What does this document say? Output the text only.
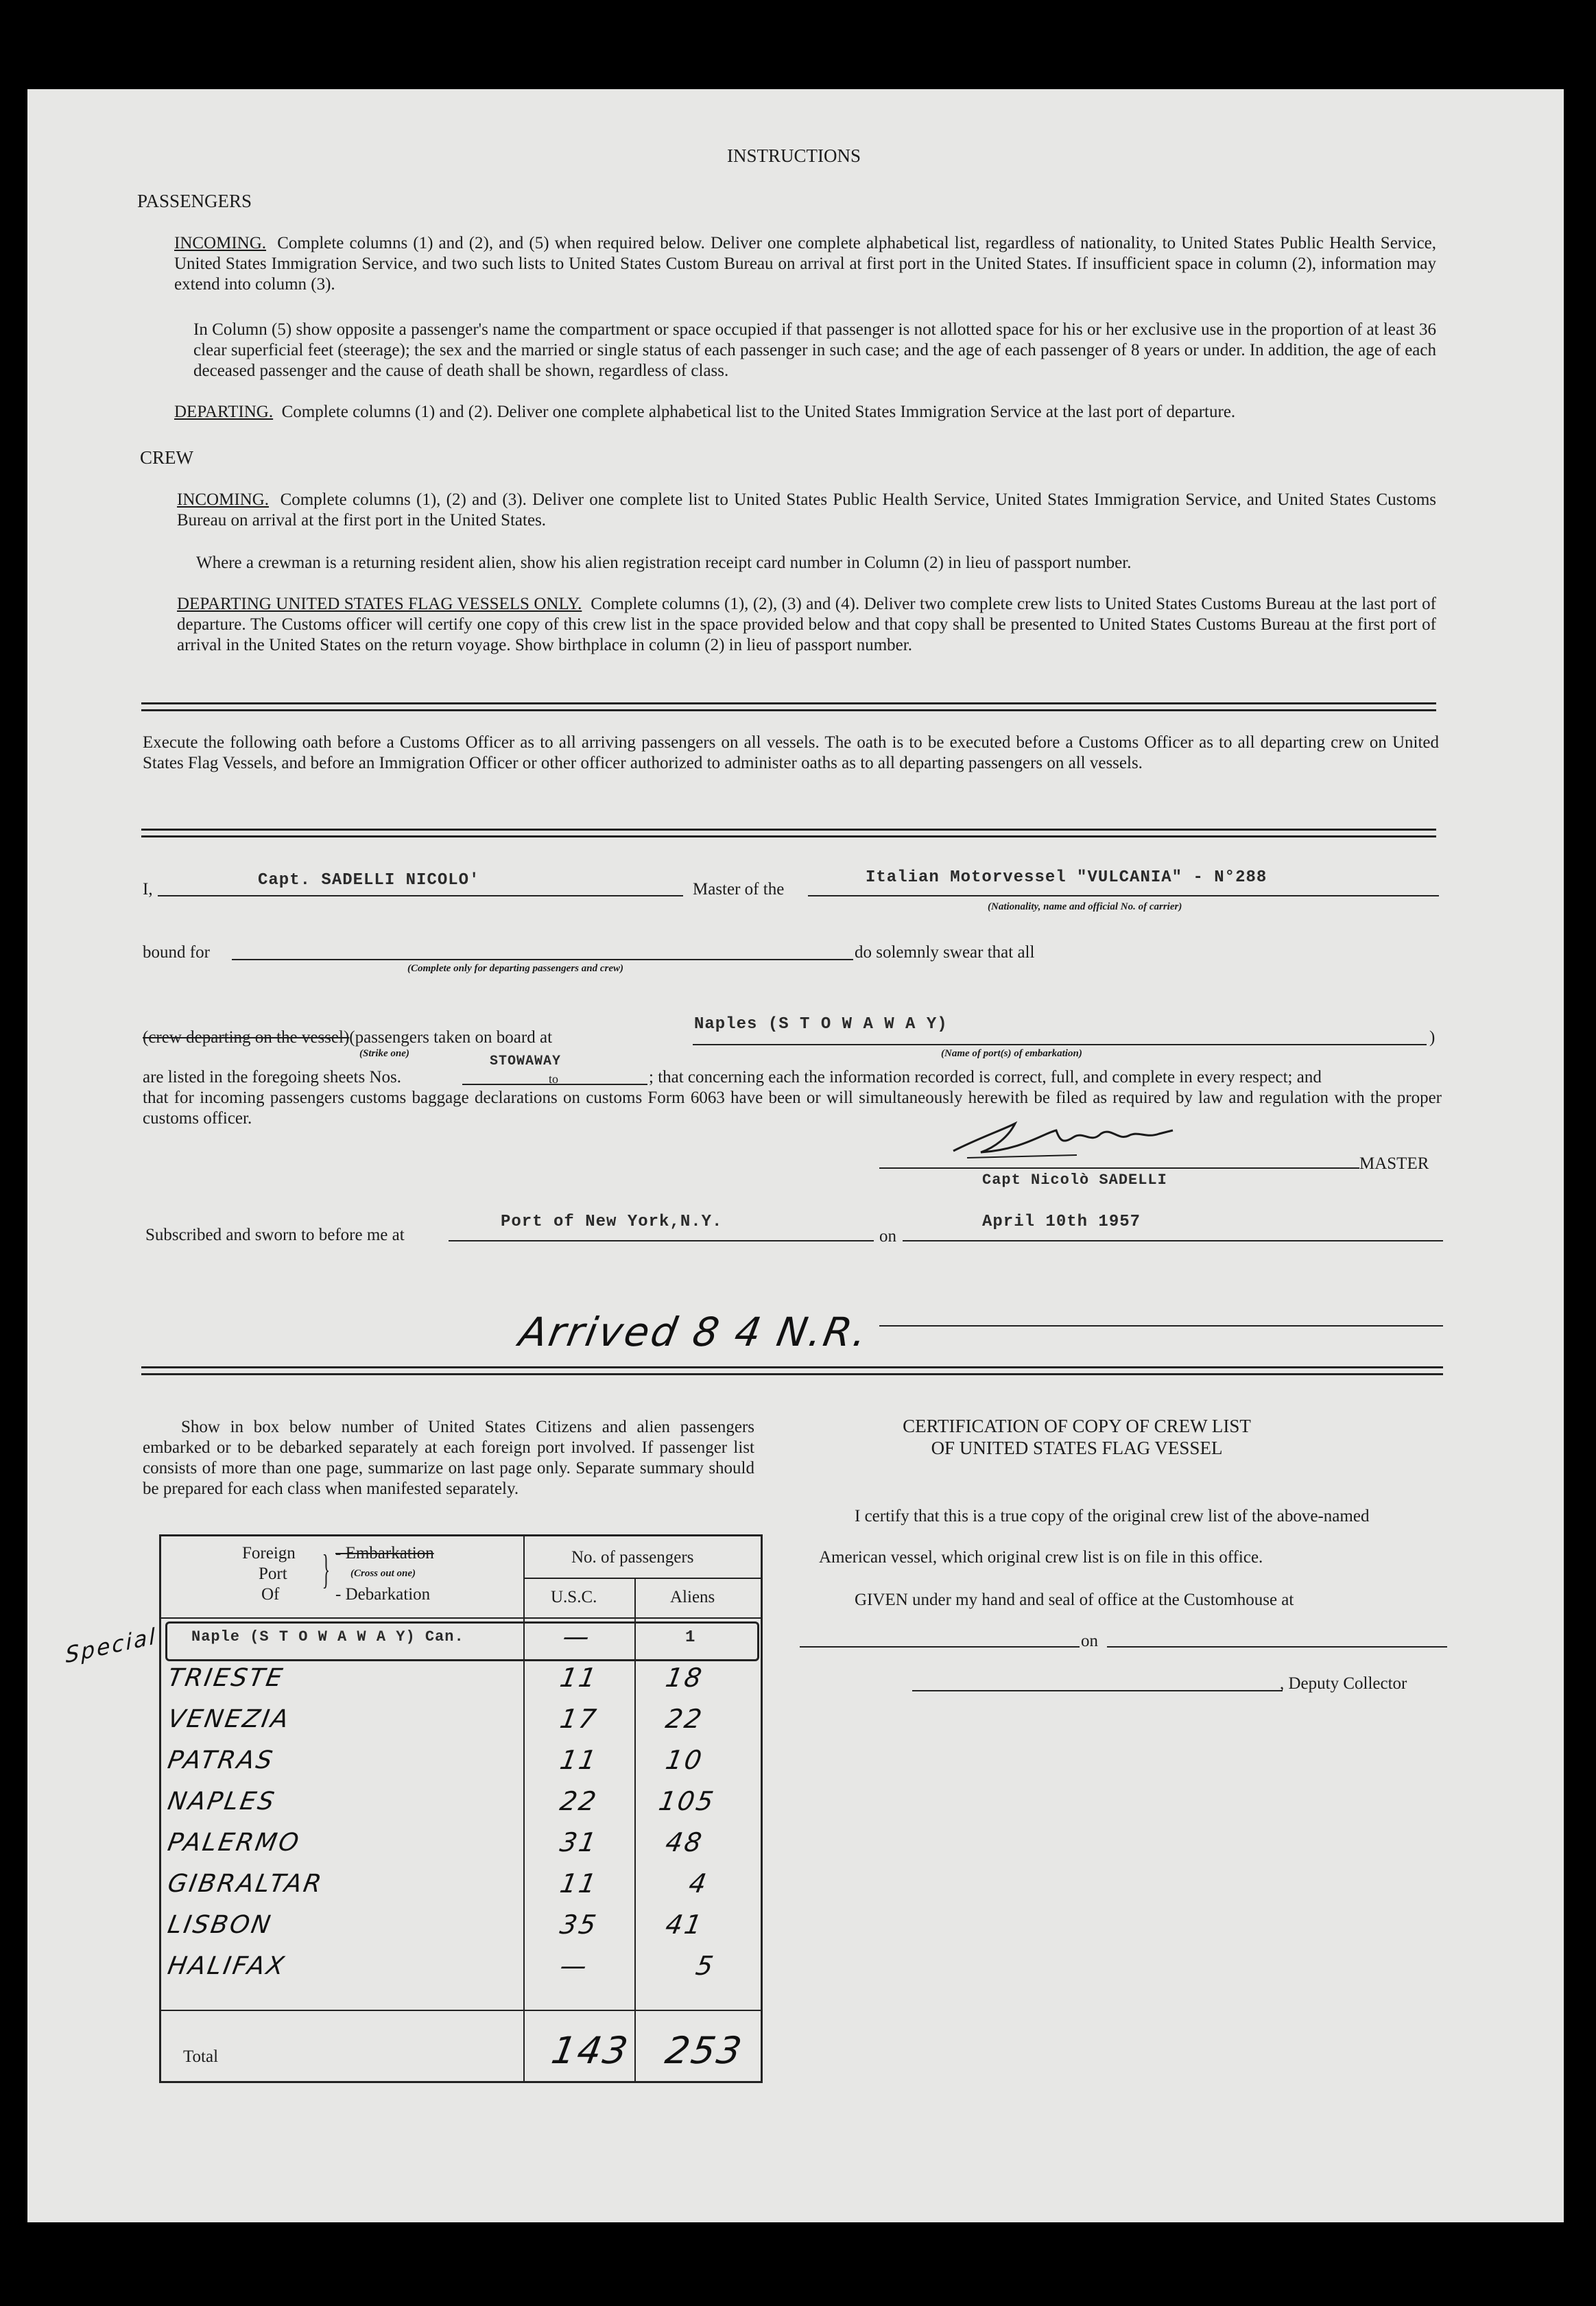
INSTRUCTIONS
PASSENGERS
INCOMING. Complete columns (1) and (2), and (5) when required below. Deliver one complete alphabetical list, regardless of nationality, to United States Public Health Service, United States Immigration Service, and two such lists to United States Custom Bureau on arrival at first port in the United States. If insufficient space in column (2), information may extend into column (3).
In Column (5) show opposite a passenger's name the compartment or space occupied if that passenger is not allotted space for his or her exclusive use in the proportion of at least 36 clear superficial feet (steerage); the sex and the married or single status of each passenger in such case; and the age of each passenger of 8 years or under. In addition, the age of each deceased passenger and the cause of death shall be shown, regardless of class.
DEPARTING. Complete columns (1) and (2). Deliver one complete alphabetical list to the United States Immigration Service at the last port of departure.
CREW
INCOMING. Complete columns (1), (2) and (3). Deliver one complete list to United States Public Health Service, United States Immigration Service, and United States Customs Bureau on arrival at the first port in the United States.
Where a crewman is a returning resident alien, show his alien registration receipt card number in Column (2) in lieu of passport number.
DEPARTING UNITED STATES FLAG VESSELS ONLY. Complete columns (1), (2), (3) and (4). Deliver two complete crew lists to United States Customs Bureau at the last port of departure. The Customs officer will certify one copy of this crew list in the space provided below and that copy shall be presented to United States Customs Bureau at the first port of arrival in the United States on the return voyage. Show birthplace in column (2) in lieu of passport number.
Execute the following oath before a Customs Officer as to all arriving passengers on all vessels. The oath is to be executed before a Customs Officer as to all departing crew on United States Flag Vessels, and before an Immigration Officer or other officer authorized to administer oaths as to all departing passengers on all vessels.
I,	Capt. SADELLI NICOLO'	Master of the
Italian Motorvessel "VULCANIA" - N°288
(Nationality, name and official No. of carrier)
bound for
(Complete only for departing passengers and crew)
do solemnly swear that all
(crew departing on the vessel)(passengers taken on board at
(Strike one)
Naples (S T O W A W A Y)
(Name of port(s) of embarkation)
)
are listed in the foregoing sheets Nos.
STOWAWAY
to	; that concerning each the information recorded is correct, full, and complete in every respect; and
that for incoming passengers customs baggage declarations on customs Form 6063 have been or will simultaneously herewith be filed as required by law and regulation with the proper customs officer.
MASTER
Capt Nicolò SADELLI
Subscribed and sworn to before me at
Port of New York,N.Y.
on
April 10th 1957
Arrived 8 4 N.R.
Show in box below number of United States Citizens and alien passengers embarked or to be debarked separately at each foreign port involved. If passenger list consists of more than one page, summarize on last page only. Separate summary should be prepared for each class when manifested separately.
Foreign
Port
Of
} - Embarkation
(Cross out one)
- Debarkation
No. of passengers
U.S.C.	Aliens
Naple (S T O W A W A Y) Can.	—	1
TRIESTE	11 18
VENEZIA	17 22
PATRAS	11 10
NAPLES	22 105
PALERMO	31 48
GIBRALTAR	11	4
LISBON	35 41
HALIFAX	—	5
Total	143 253
Special
CERTIFICATION OF COPY OF CREW LIST
OF UNITED STATES FLAG VESSEL
I certify that this is a true copy of the original crew list of the above-named
American vessel, which original crew list is on file in this office.
GIVEN under my hand and seal of office at the Customhouse at
on
, Deputy Collector
